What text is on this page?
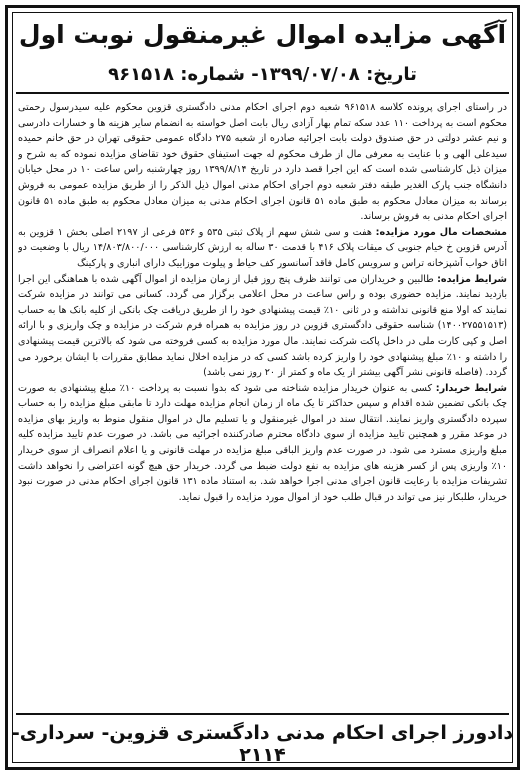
آگهی مزایده اموال غیرمنقول نوبت اول
تاریخ: ۱۳۹۹/۰۷/۰۸- شماره: ۹۶۱۵۱۸

در راستای اجرای پرونده کلاسه ۹۶۱۵۱۸ شعبه دوم اجرای احکام مدنی دادگستری قزوین محکوم علیه سیدرسول رحمتی محکوم است به پرداخت ۱۱۰ عدد سکه تمام بهار آزادی ریال بابت اصل خواسته به انضمام سایر هزینه ها و خسارات دادرسی و نیم عشر دولتی در حق صندوق دولت بابت اجرائیه صادره از شعبه ۲۷۵ دادگاه عمومی حقوقی تهران در حق خانم حمیده سیدعلی الهی و با عنایت به معرفی مال از طرف محکوم له جهت استیفای حقوق خود تقاضای مزایده نموده که به شرح و میزان ذیل کارشناسی شده است که این اجرا قصد دارد در تاریخ ۱۳۹۹/۸/۱۴ روز چهارشنبه راس ساعت ۱۰ در محل خیابان دانشگاه جنب پارک الغدیر طبقه دفتر شعبه دوم اجرای احکام مدنی اموال ذیل الذکر را از طریق مزایده عمومی به فروش برساند به میزان معادل محکوم به طبق ماده ۵۱ قانون اجرای احکام مدنی به میزان معادل محکوم به طبق ماده ۵۱ قانون اجرای احکام مدنی به فروش برساند.

مشخصات مال مورد مزایده: هفت و سی شش سهم از پلاک ثبتی ۵۳۵ و ۵۳۶ فرعی از ۲۱۹۷ اصلی بخش ۱ قزوین به آدرس قزوین خ خیام جنوبی ک میقات پلاک ۴۱۶ با قدمت ۳۰ ساله به ارزش کارشناسی ۱۴/۸۰۳/۸۰۰/۰۰۰ ریال با وضعیت دو اتاق خواب آشپزخانه تراس و سرویس کامل فاقد آسانسور کف حیاط و پیلوت موزاییک دارای انباری و پارکینگ

شرایط مزایده: طالبین و خریداران می توانند ظرف پنج روز قبل از زمان مزایده از اموال آگهی شده با هماهنگی این اجرا بازدید نمایند. مزایده حضوری بوده و راس ساعت در محل اعلامی برگزار می گردد. کسانی می توانند در مزایده شرکت نمایند که اولا منع قانونی نداشته و در ثانی ۱۰٪ قیمت پیشنهادی خود را از طریق دریافت چک بانکی از کلیه بانک ها به حساب (۱۴۰۰۲۷۵۵۱۵۱۳) شناسه حقوقی دادگستری قزوین در روز مزایده به همراه فرم شرکت در مزایده و چک واریزی و با ارائه اصل و کپی کارت ملی در داخل پاکت شرکت نمایند. مال مورد مزایده به کسی فروخته می شود که بالاترین قیمت پیشنهادی را داشته و ۱۰٪ مبلغ پیشنهادی خود را واریز کرده باشد کسی که در مزایده اخلال نماید مطابق مقررات با ایشان برخورد می گردد. (فاصله قانونی نشر آگهی بیشتر از یک ماه و کمتر از ۲۰ روز نمی باشد)

شرایط خریدار: کسی به عنوان خریدار مزایده شناخته می شود که بدوا نسبت به پرداخت ۱۰٪ مبلغ پیشنهادی به صورت چک بانکی تضمین شده اقدام و سپس حداکثر تا یک ماه از زمان انجام مزایده مهلت دارد تا مابقی مبلغ مزایده را به حساب سپرده دادگستری واریز نمایند. انتقال سند در اموال غیرمنقول و یا تسلیم مال در اموال منقول منوط به واریز بهای مزایده در موعد مقرر و همچنین تایید مزایده از سوی دادگاه محترم صادرکننده اجرائیه می باشد. در صورت عدم تایید مزایده کلیه مبلغ واریزی مسترد می شود. در صورت عدم واریز الباقی مبلغ مزایده در مهلت قانونی و یا اعلام انصراف از سوی خریدار ۱۰٪ واریزی پس از کسر هزینه های مزایده به نفع دولت ضبط می گردد. خریدار حق هیچ گونه اعتراضی را نخواهد داشت تشریفات مزایده با رعایت قانون اجرای مدنی اجرا خواهد شد. به استناد ماده ۱۳۱ قانون اجرای احکام مدنی در صورت نبود خریدار، طلبکار نیز می تواند در قبال طلب خود از اموال مورد مزایده را قبول نماید.

دادورز اجرای احکام مدنی دادگستری قزوین- سرداری- ۲۱۱۴
